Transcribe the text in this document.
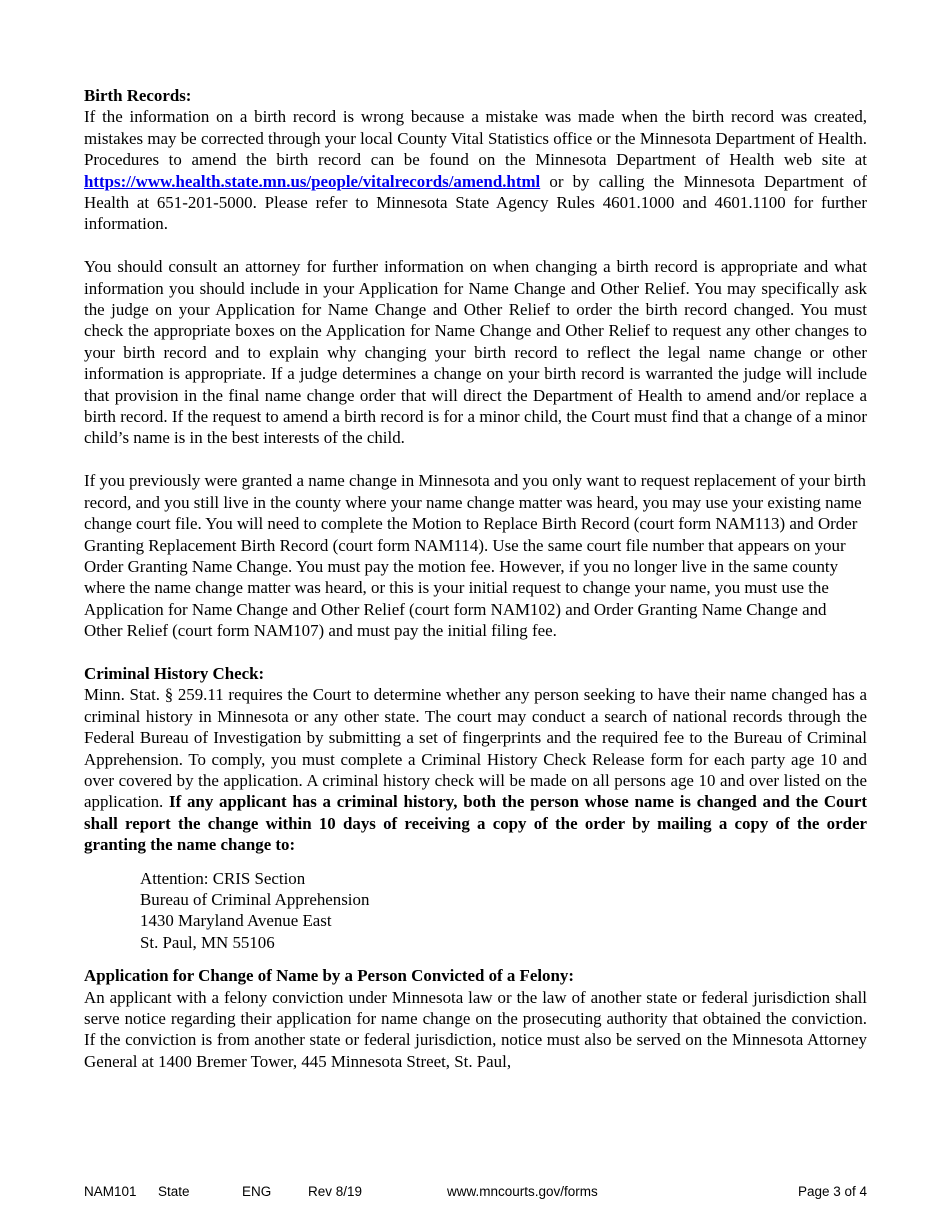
Birth Records:

If the information on a birth record is wrong because a mistake was made when the birth record was created, mistakes may be corrected through your local County Vital Statistics office or the Minnesota Department of Health. Procedures to amend the birth record can be found on the Minnesota Department of Health web site at https://www.health.state.mn.us/people/vitalrecords/amend.html or by calling the Minnesota Department of Health at 651-201-5000. Please refer to Minnesota State Agency Rules 4601.1000 and 4601.1100 for further information.

You should consult an attorney for further information on when changing a birth record is appropriate and what information you should include in your Application for Name Change and Other Relief. You may specifically ask the judge on your Application for Name Change and Other Relief to order the birth record changed. You must check the appropriate boxes on the Application for Name Change and Other Relief to request any other changes to your birth record and to explain why changing your birth record to reflect the legal name change or other information is appropriate. If a judge determines a change on your birth record is warranted the judge will include that provision in the final name change order that will direct the Department of Health to amend and/or replace a birth record. If the request to amend a birth record is for a minor child, the Court must find that a change of a minor child’s name is in the best interests of the child.

If you previously were granted a name change in Minnesota and you only want to request replacement of your birth record, and you still live in the county where your name change matter was heard, you may use your existing name change court file. You will need to complete the Motion to Replace Birth Record (court form NAM113) and Order Granting Replacement Birth Record (court form NAM114). Use the same court file number that appears on your Order Granting Name Change. You must pay the motion fee. However, if you no longer live in the same county where the name change matter was heard, or this is your initial request to change your name, you must use the Application for Name Change and Other Relief (court form NAM102) and Order Granting Name Change and Other Relief (court form NAM107) and must pay the initial filing fee.

Criminal History Check:

Minn. Stat. § 259.11 requires the Court to determine whether any person seeking to have their name changed has a criminal history in Minnesota or any other state. The court may conduct a search of national records through the Federal Bureau of Investigation by submitting a set of fingerprints and the required fee to the Bureau of Criminal Apprehension. To comply, you must complete a Criminal History Check Release form for each party age 10 and over covered by the application. A criminal history check will be made on all persons age 10 and over listed on the application. If any applicant has a criminal history, both the person whose name is changed and the Court shall report the change within 10 days of receiving a copy of the order by mailing a copy of the order granting the name change to:

Attention: CRIS Section
Bureau of Criminal Apprehension
1430 Maryland Avenue East
St. Paul, MN 55106
Application for Change of Name by a Person Convicted of a Felony:

An applicant with a felony conviction under Minnesota law or the law of another state or federal jurisdiction shall serve notice regarding their application for name change on the prosecuting authority that obtained the conviction. If the conviction is from another state or federal jurisdiction, notice must also be served on the Minnesota Attorney General at 1400 Bremer Tower, 445 Minnesota Street, St. Paul,

NAM101 State	ENG	Rev 8/19	www.mncourts.gov/forms	Page 3 of 4
